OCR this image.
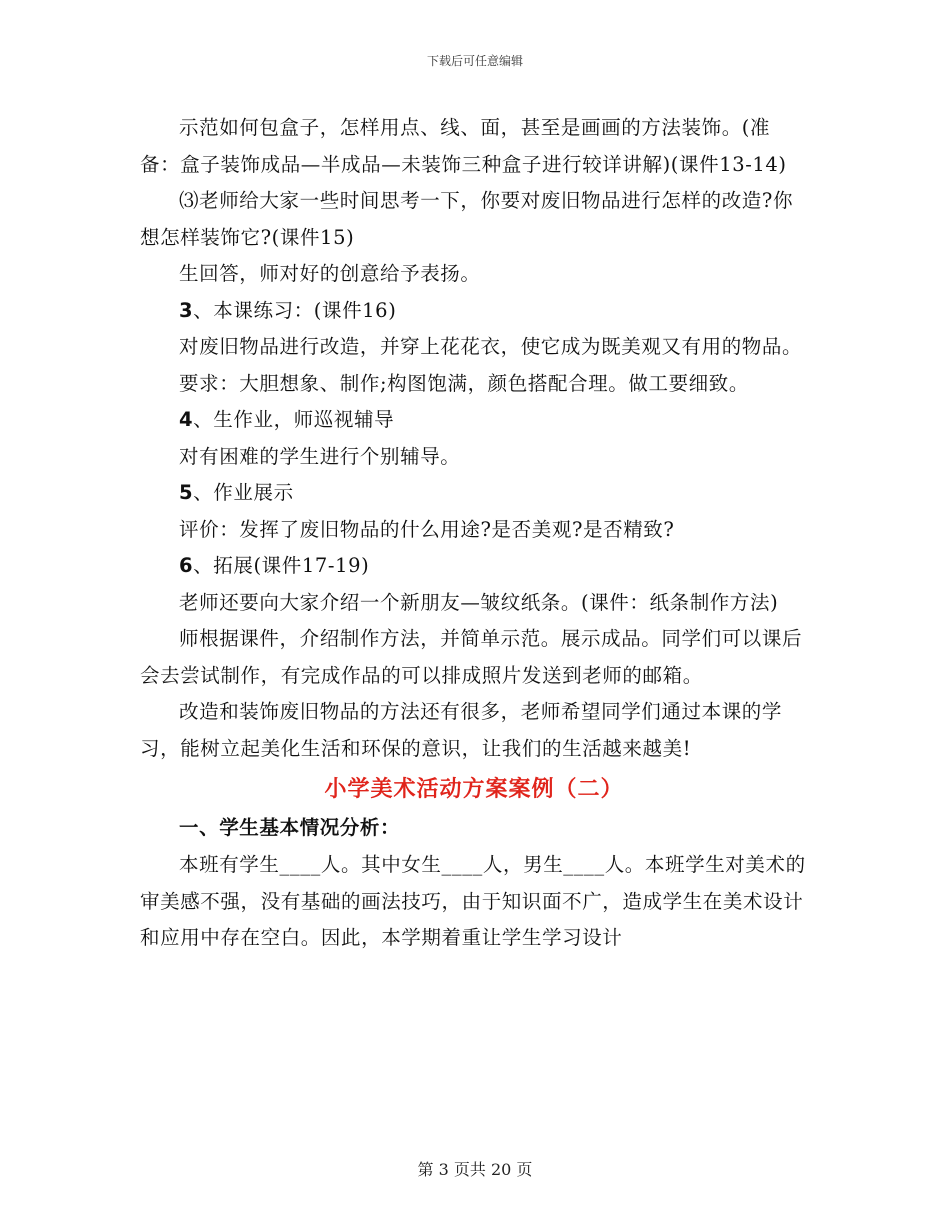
下载后可任意编辑

示范如何包盒子，怎样用点、线、面，甚至是画画的方法装饰。(准备：盒子装饰成品—半成品—未装饰三种盒子进行较详讲解)(课件13-14)

⑶老师给大家一些时间思考一下，你要对废旧物品进行怎样的改造?你想怎样装饰它?(课件15)

生回答，师对好的创意给予表扬。

3、本课练习：(课件16)

对废旧物品进行改造，并穿上花花衣，使它成为既美观又有用的物品。

要求：大胆想象、制作;构图饱满，颜色搭配合理。做工要细致。

4、生作业，师巡视辅导

对有困难的学生进行个别辅导。

5、作业展示

评价：发挥了废旧物品的什么用途?是否美观?是否精致?

6、拓展(课件17-19)

老师还要向大家介绍一个新朋友—皱纹纸条。(课件：纸条制作方法)

师根据课件，介绍制作方法，并简单示范。展示成品。同学们可以课后会去尝试制作，有完成作品的可以排成照片发送到老师的邮箱。

改造和装饰废旧物品的方法还有很多，老师希望同学们通过本课的学习，能树立起美化生活和环保的意识，让我们的生活越来越美!

小学美术活动方案案例（二）

一、学生基本情况分析：

本班有学生____人。其中女生____人，男生____人。本班学生对美术的审美感不强，没有基础的画法技巧，由于知识面不广，造成学生在美术设计和应用中存在空白。因此，本学期着重让学生学习设计

第 3 页共 20 页
